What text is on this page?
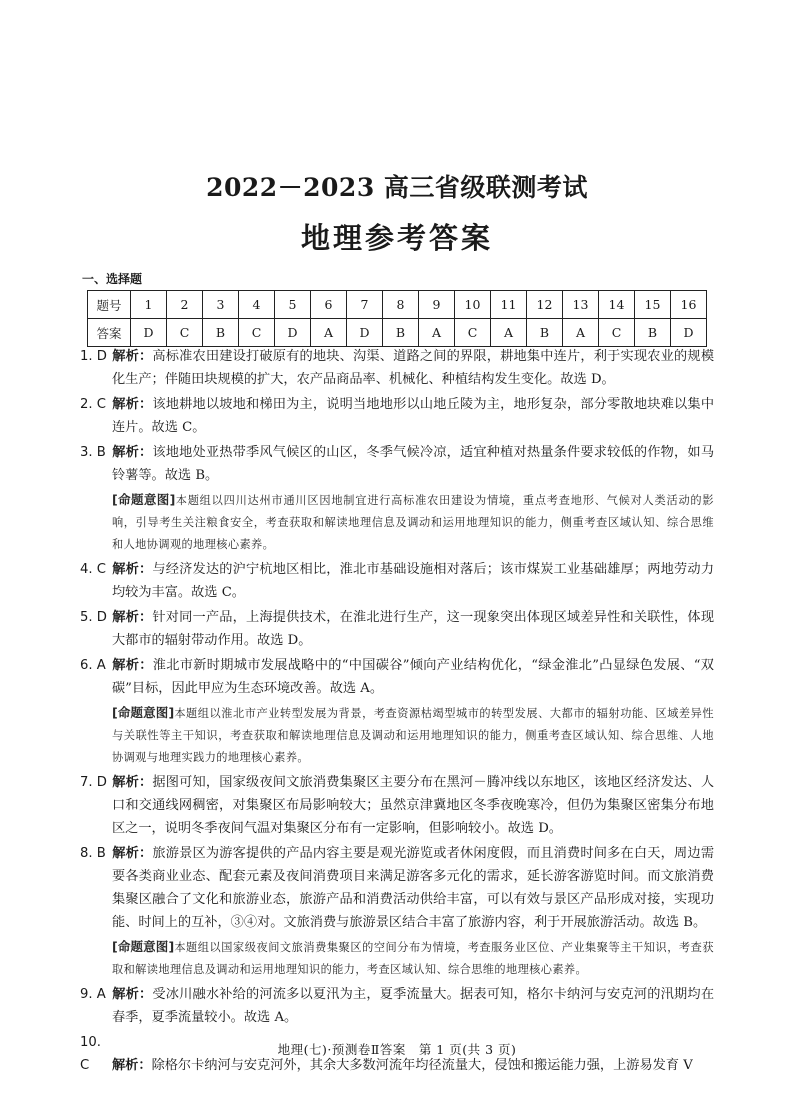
2022－2023 高三省级联测考试
地理参考答案
一、选择题
题号	1	2	3	4	5	6	7	8	9	10	11	12	13	14	15	16
答案	D	C	B	C	D	A	D	B	A	C	A	B	A	C	B	D

1. D 解析：高标准农田建设打破原有的地块、沟渠、道路之间的界限，耕地集中连片，利于实现农业的规模化生产；伴随田块规模的扩大，农产品商品率、机械化、种植结构发生变化。故选 D。

2. C 解析：该地耕地以坡地和梯田为主，说明当地地形以山地丘陵为主，地形复杂，部分零散地块难以集中连片。故选 C。

3. B 解析：该地地处亚热带季风气候区的山区，冬季气候冷凉，适宜种植对热量条件要求较低的作物，如马铃薯等。故选 B。

[命题意图]本题组以四川达州市通川区因地制宜进行高标准农田建设为情境，重点考查地形、气候对人类活动的影响，引导考生关注粮食安全，考查获取和解读地理信息及调动和运用地理知识的能力，侧重考查区域认知、综合思维和人地协调观的地理核心素养。

4. C 解析：与经济发达的沪宁杭地区相比，淮北市基础设施相对落后；该市煤炭工业基础雄厚；两地劳动力均较为丰富。故选 C。

5. D 解析：针对同一产品，上海提供技术，在淮北进行生产，这一现象突出体现区域差异性和关联性，体现大都市的辐射带动作用。故选 D。

6. A 解析：淮北市新时期城市发展战略中的“中国碳谷”倾向产业结构优化，“绿金淮北”凸显绿色发展、“双碳”目标，因此甲应为生态环境改善。故选 A。

[命题意图]本题组以淮北市产业转型发展为背景，考查资源枯竭型城市的转型发展、大都市的辐射功能、区域差异性与关联性等主干知识，考查获取和解读地理信息及调动和运用地理知识的能力，侧重考查区域认知、综合思维、人地协调观与地理实践力的地理核心素养。

7. D 解析：据图可知，国家级夜间文旅消费集聚区主要分布在黑河－腾冲线以东地区，该地区经济发达、人口和交通线网稠密，对集聚区布局影响较大；虽然京津冀地区冬季夜晚寒冷，但仍为集聚区密集分布地区之一，说明冬季夜间气温对集聚区分布有一定影响，但影响较小。故选 D。

8. B 解析：旅游景区为游客提供的产品内容主要是观光游览或者休闲度假，而且消费时间多在白天，周边需要各类商业业态、配套元素及夜间消费项目来满足游客多元化的需求，延长游客游览时间。而文旅消费集聚区融合了文化和旅游业态，旅游产品和消费活动供给丰富，可以有效与景区产品形成对接，实现功能、时间上的互补，③④对。文旅消费与旅游景区结合丰富了旅游内容，利于开展旅游活动。故选 B。

[命题意图]本题组以国家级夜间文旅消费集聚区的空间分布为情境，考查服务业区位、产业集聚等主干知识，考查获取和解读地理信息及调动和运用地理知识的能力，考查区域认知、综合思维的地理核心素养。

9. A 解析：受冰川融水补给的河流多以夏汛为主，夏季流量大。据表可知，格尔卡纳河与安克河的汛期均在春季，夏季流量较小。故选 A。

10. C 解析：除格尔卡纳河与安克河外，其余大多数河流年均径流量大，侵蚀和搬运能力强，上游易发育 V

地理(七)·预测卷Ⅱ答案　第 1 页(共 3 页)
